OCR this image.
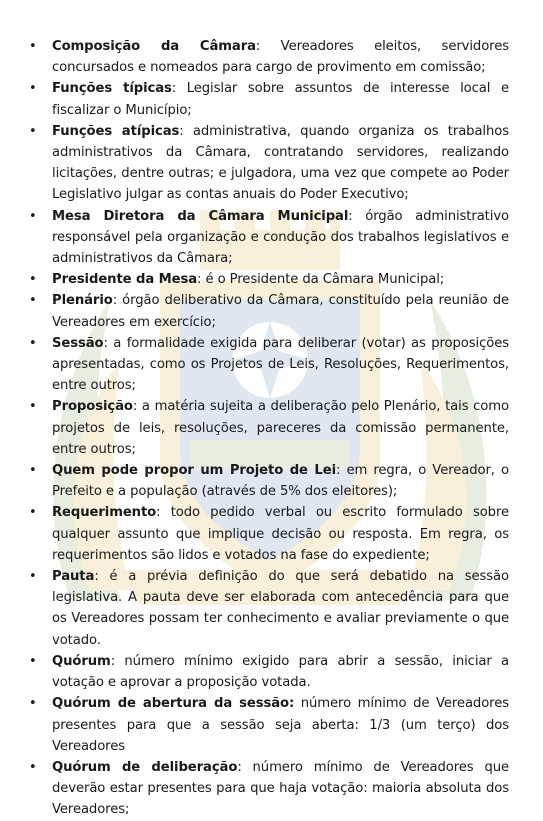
• Composição da Câmara: Vereadores eleitos, servidores concursados e nomeados para cargo de provimento em comissão;
• Funções típicas: Legislar sobre assuntos de interesse local e fiscalizar o Município;
• Funções atípicas: administrativa, quando organiza os trabalhos administrativos da Câmara, contratando servidores, realizando licitações, dentre outras; e julgadora, uma vez que compete ao Poder Legislativo julgar as contas anuais do Poder Executivo;
• Mesa Diretora da Câmara Municipal: órgão administrativo responsável pela organização e condução dos trabalhos legislativos e administrativos da Câmara;
• Presidente da Mesa: é o Presidente da Câmara Municipal;
• Plenário: órgão deliberativo da Câmara, constituído pela reunião de Vereadores em exercício;
• Sessão: a formalidade exigida para deliberar (votar) as proposições apresentadas, como os Projetos de Leis, Resoluções, Requerimentos, entre outros;
• Proposição: a matéria sujeita a deliberação pelo Plenário, tais como projetos de leis, resoluções, pareceres da comissão permanente, entre outros;
• Quem pode propor um Projeto de Lei: em regra, o Vereador, o Prefeito e a população (através de 5% dos eleitores);
• Requerimento: todo pedido verbal ou escrito formulado sobre qualquer assunto que implique decisão ou resposta. Em regra, os requerimentos são lidos e votados na fase do expediente;
• Pauta: é a prévia definição do que será debatido na sessão legislativa. A pauta deve ser elaborada com antecedência para que os Vereadores possam ter conhecimento e avaliar previamente o que votado.
• Quórum: número mínimo exigido para abrir a sessão, iniciar a votação e aprovar a proposição votada.
• Quórum de abertura da sessão: número mínimo de Vereadores presentes para que a sessão seja aberta: 1/3 (um terço) dos Vereadores
• Quórum de deliberação: número mínimo de Vereadores que deverão estar presentes para que haja votação: maioria absoluta dos Vereadores;
